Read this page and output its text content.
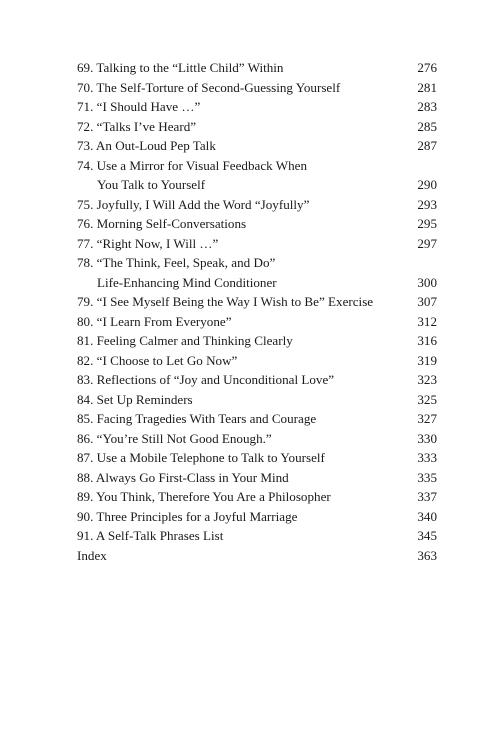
69. Talking to the “Little Child” Within	276
70. The Self-Torture of Second-Guessing Yourself	281
71. “I Should Have …”	283
72. “Talks I’ve Heard”	285
73. An Out-Loud Pep Talk	287
74. Use a Mirror for Visual Feedback When
You Talk to Yourself	290
75. Joyfully, I Will Add the Word “Joyfully”	293
76. Morning Self-Conversations	295
77. “Right Now, I Will …”	297
78. “The Think, Feel, Speak, and Do”
Life-Enhancing Mind Conditioner	300
79. “I See Myself Being the Way I Wish to Be” Exercise	307
80. “I Learn From Everyone”	312
81. Feeling Calmer and Thinking Clearly	316
82. “I Choose to Let Go Now”	319
83. Reflections of “Joy and Unconditional Love”	323
84. Set Up Reminders	325
85. Facing Tragedies With Tears and Courage	327
86. “You’re Still Not Good Enough.”	330
87. Use a Mobile Telephone to Talk to Yourself	333
88. Always Go First-Class in Your Mind	335
89. You Think, Therefore You Are a Philosopher	337
90. Three Principles for a Joyful Marriage	340
91. A Self-Talk Phrases List	345
Index	363
